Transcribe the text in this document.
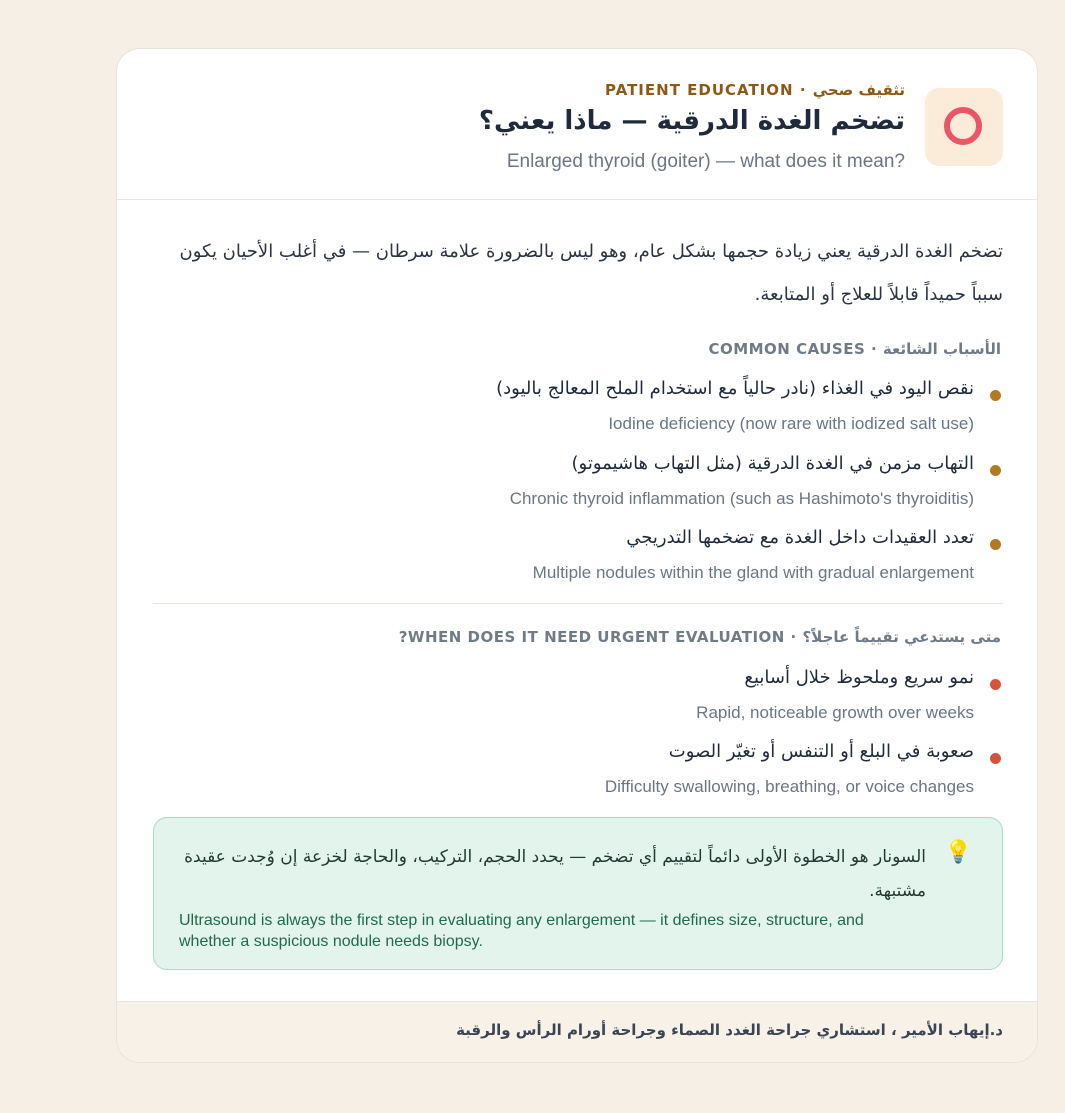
PATIENT EDUCATION · تثقيف صحي
تضخم الغدة الدرقية — ماذا يعني؟
Enlarged thyroid (goiter) — what does it mean?
تضخم الغدة الدرقية يعني زيادة حجمها بشكل عام، وهو ليس بالضرورة علامة سرطان — في أغلب الأحيان يكون سبباً حميداً قابلاً للعلاج أو المتابعة.
COMMON CAUSES · الأسباب الشائعة
نقص اليود في الغذاء (نادر حالياً مع استخدام الملح المعالج باليود)
Iodine deficiency (now rare with iodized salt use)
التهاب مزمن في الغدة الدرقية (مثل التهاب هاشيموتو)
Chronic thyroid inflammation (such as Hashimoto's thyroiditis)
تعدد العقيدات داخل الغدة مع تضخمها التدريجي
Multiple nodules within the gland with gradual enlargement
?WHEN DOES IT NEED URGENT EVALUATION · متى يستدعي تقييماً عاجلاً؟
نمو سريع وملحوظ خلال أسابيع
Rapid, noticeable growth over weeks
صعوبة في البلع أو التنفس أو تغيّر الصوت
Difficulty swallowing, breathing, or voice changes
💡
السونار هو الخطوة الأولى دائماً لتقييم أي تضخم — يحدد الحجم، التركيب، والحاجة لخزعة إن وُجدت عقيدة مشتبهة.
Ultrasound is always the first step in evaluating any enlargement — it defines size, structure, and whether a suspicious nodule needs biopsy.
د.إيهاب الأمير ، استشاري جراحة الغدد الصماء وجراحة أورام الرأس والرقبة
